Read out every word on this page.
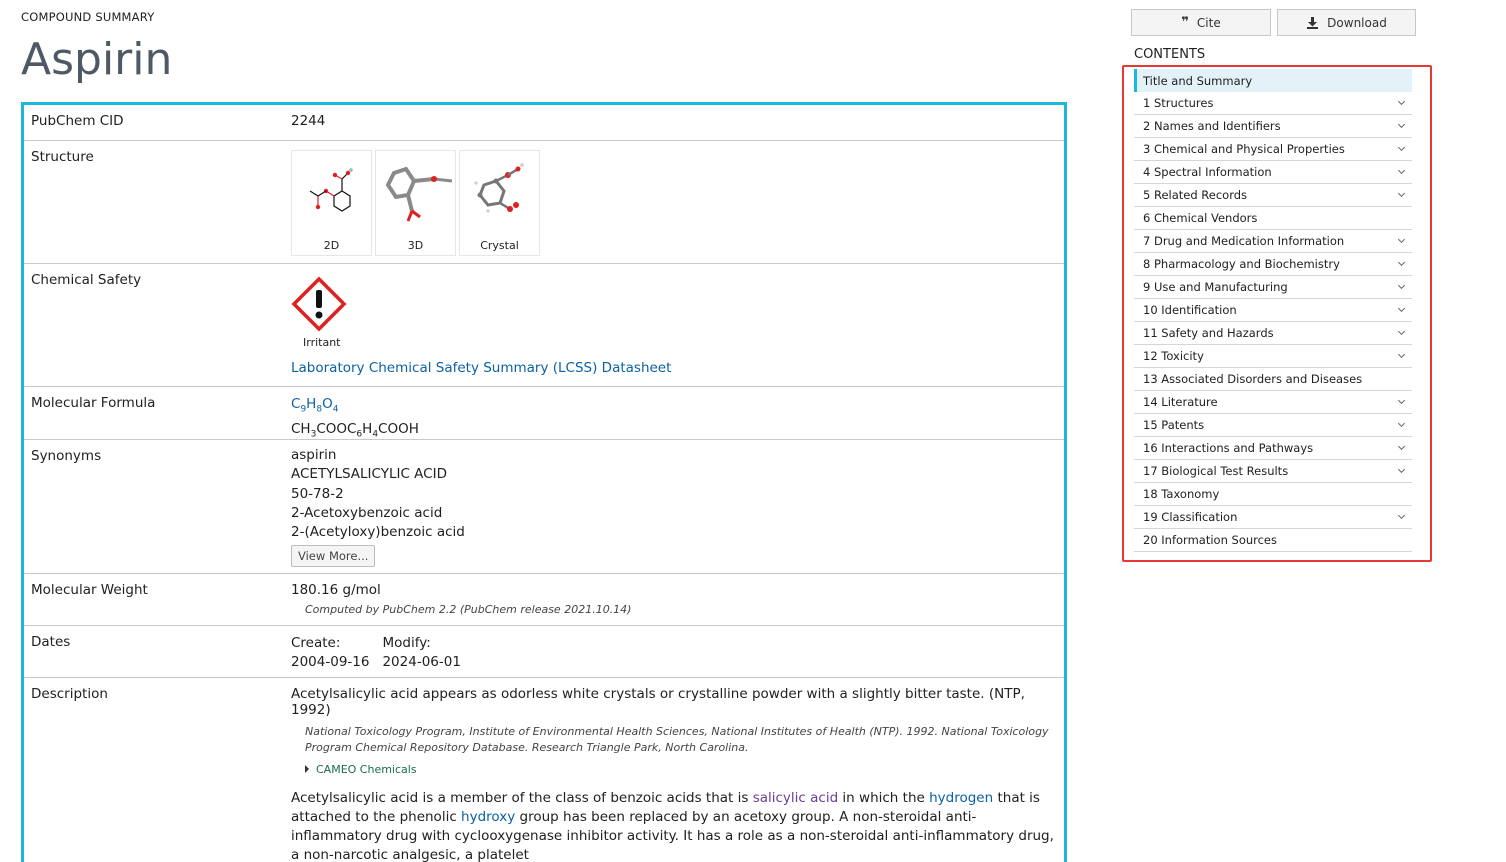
COMPOUND SUMMARY
Aspirin
PubChem CID	2244
Structure
2D	3D	Crystal
Chemical Safety
Irritant
Laboratory Chemical Safety Summary (LCSS) Datasheet
Molecular Formula	$C_9H_8O_4$
$CH_3COOC_6H_4COOH$
Synonyms	aspirin
ACETYLSALICYLIC ACID
50-78-2
2-Acetoxybenzoic acid
2-(Acetyloxy)benzoic acid
View More...
Molecular Weight	180.16 g/mol
Computed by PubChem 2.2 (PubChem release 2021.10.14)
Dates	Create:
2004-09-16
Modify:
2024-06-01
Description	Acetylsalicylic acid appears as odorless white crystals or crystalline powder with a slightly bitter taste. (NTP, 1992)
National Toxicology Program, Institute of Environmental Health Sciences, National Institutes of Health (NTP). 1992. National Toxicology Program Chemical Repository Database. Research Triangle Park, North Carolina.
CAMEO Chemicals
Acetylsalicylic acid is a member of the class of benzoic acids that is salicylic acid in which the hydrogen that is attached to the phenolic hydroxy group has been replaced by an acetoxy group. A non-steroidal anti-inflammatory drug with cyclooxygenase inhibitor activity. It has a role as a non-steroidal anti-inflammatory drug, a non-narcotic analgesic, a platelet
❞ Cite	Download
CONTENTS
Title and Summary
1 Structures
2 Names and Identifiers
3 Chemical and Physical Properties
4 Spectral Information
5 Related Records
6 Chemical Vendors
7 Drug and Medication Information
8 Pharmacology and Biochemistry
9 Use and Manufacturing
10 Identification
11 Safety and Hazards
12 Toxicity
13 Associated Disorders and Diseases
14 Literature
15 Patents
16 Interactions and Pathways
17 Biological Test Results
18 Taxonomy
19 Classification
20 Information Sources
